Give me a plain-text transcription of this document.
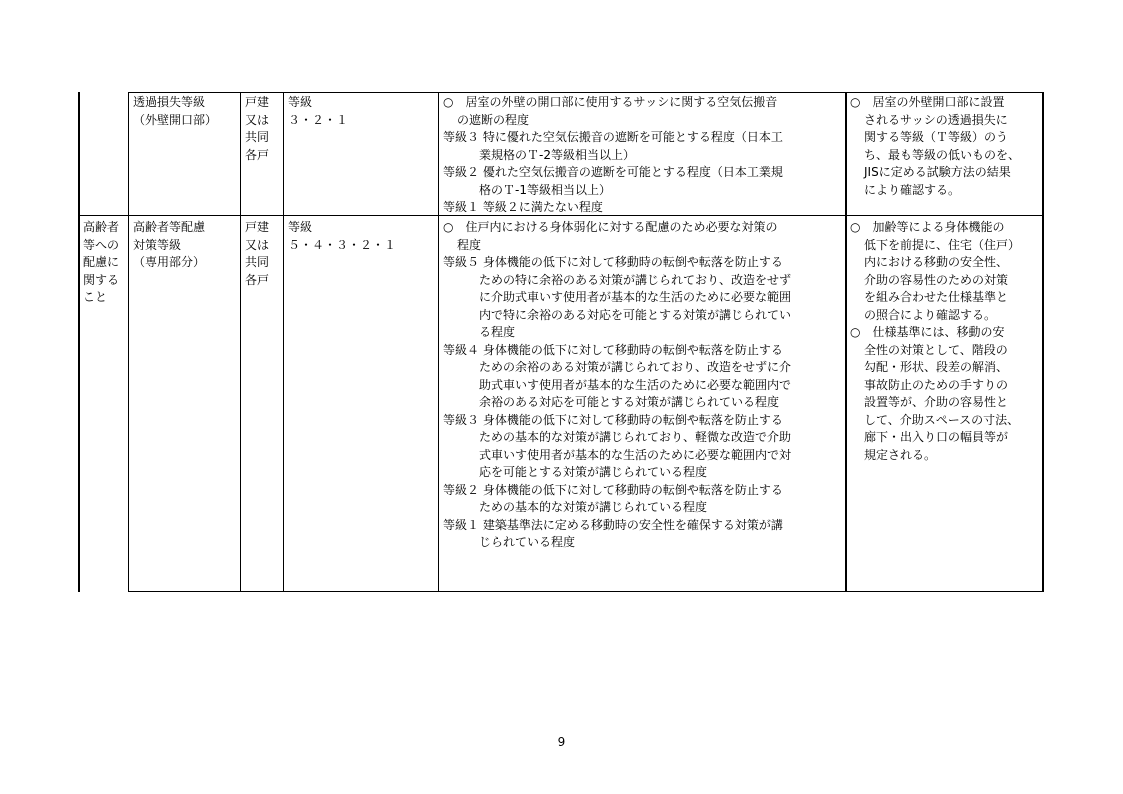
透過損失等級
（外壁開口部）
戸建
又は
共同
各戸
等級
３・２・１
○　居室の外壁の開口部に使用するサッシに関する空気伝搬音
の遮断の程度
等級３ 特に優れた空気伝搬音の遮断を可能とする程度（日本工
業規格のＴ-2等級相当以上）
等級２ 優れた空気伝搬音の遮断を可能とする程度（日本工業規
格のＴ-1等級相当以上）
等級１ 等級２に満たない程度
○　居室の外壁開口部に設置
されるサッシの透過損失に
関する等級（Ｔ等級）のう
ち、最も等級の低いものを、
JISに定める試験方法の結果
により確認する。
高齢者
等への
配慮に
関する
こと
高齢者等配慮
対策等級
（専用部分）
戸建
又は
共同
各戸
等級
５・４・３・２・１
○　住戸内における身体弱化に対する配慮のため必要な対策の
程度
等級５ 身体機能の低下に対して移動時の転倒や転落を防止する
ための特に余裕のある対策が講じられており、改造をせず
に介助式車いす使用者が基本的な生活のために必要な範囲
内で特に余裕のある対応を可能とする対策が講じられてい
る程度
等級４ 身体機能の低下に対して移動時の転倒や転落を防止する
ための余裕のある対策が講じられており、改造をせずに介
助式車いす使用者が基本的な生活のために必要な範囲内で
余裕のある対応を可能とする対策が講じられている程度
等級３ 身体機能の低下に対して移動時の転倒や転落を防止する
ための基本的な対策が講じられており、軽微な改造で介助
式車いす使用者が基本的な生活のために必要な範囲内で対
応を可能とする対策が講じられている程度
等級２ 身体機能の低下に対して移動時の転倒や転落を防止する
ための基本的な対策が講じられている程度
等級１ 建築基準法に定める移動時の安全性を確保する対策が講
じられている程度
○　加齢等による身体機能の
低下を前提に、住宅（住戸）
内における移動の安全性、
介助の容易性のための対策
を組み合わせた仕様基準と
の照合により確認する。
○　仕様基準には、移動の安
全性の対策として、階段の
勾配・形状、段差の解消、
事故防止のための手すりの
設置等が、介助の容易性と
して、介助スペースの寸法、
廊下・出入り口の幅員等が
規定される。
9
